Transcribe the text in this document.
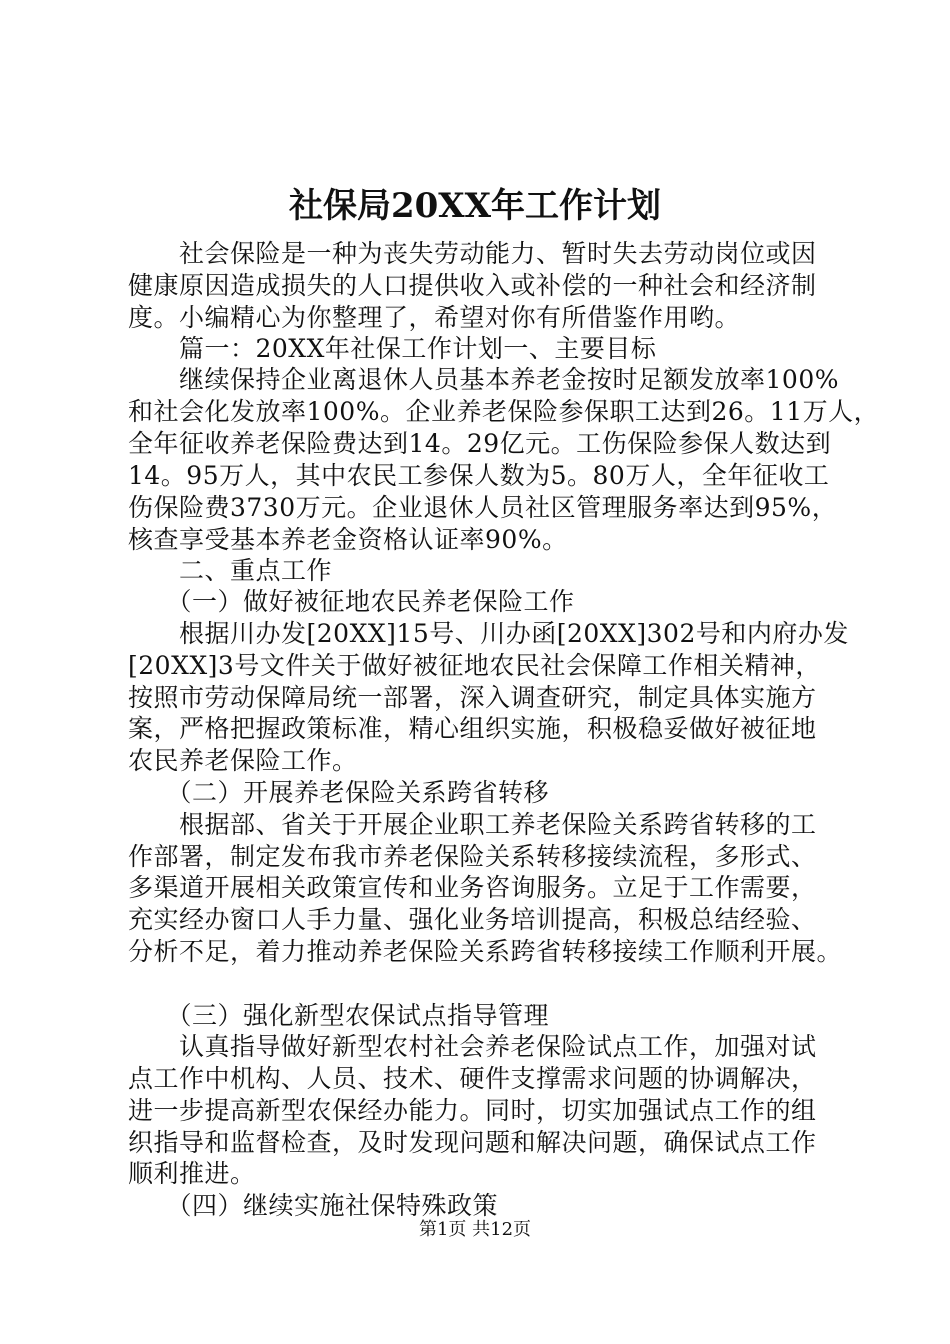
社保局20XX年工作计划
　　社会保险是一种为丧失劳动能力、暂时失去劳动岗位或因
健康原因造成损失的人口提供收入或补偿的一种社会和经济制
度。小编精心为你整理了，希望对你有所借鉴作用哟。
　　篇一：20XX年社保工作计划一、主要目标
　　继续保持企业离退休人员基本养老金按时足额发放率100%
和社会化发放率100%。企业养老保险参保职工达到26。11万人，
全年征收养老保险费达到14。29亿元。工伤保险参保人数达到
14。95万人，其中农民工参保人数为5。80万人，全年征收工
伤保险费3730万元。企业退休人员社区管理服务率达到95%，
核查享受基本养老金资格认证率90%。
　　二、重点工作
　　（一）做好被征地农民养老保险工作
　　根据川办发[20XX]15号、川办函[20XX]302号和内府办发
[20XX]3号文件关于做好被征地农民社会保障工作相关精神，
按照市劳动保障局统一部署，深入调查研究，制定具体实施方
案，严格把握政策标准，精心组织实施，积极稳妥做好被征地
农民养老保险工作。
　　（二）开展养老保险关系跨省转移
　　根据部、省关于开展企业职工养老保险关系跨省转移的工
作部署，制定发布我市养老保险关系转移接续流程，多形式、
多渠道开展相关政策宣传和业务咨询服务。立足于工作需要，
充实经办窗口人手力量、强化业务培训提高，积极总结经验、
分析不足，着力推动养老保险关系跨省转移接续工作顺利开展。
　　（三）强化新型农保试点指导管理
　　认真指导做好新型农村社会养老保险试点工作，加强对试
点工作中机构、人员、技术、硬件支撑需求问题的协调解决，
进一步提高新型农保经办能力。同时，切实加强试点工作的组
织指导和监督检查，及时发现问题和解决问题，确保试点工作
顺利推进。
　　（四）继续实施社保特殊政策
第1页 共12页
